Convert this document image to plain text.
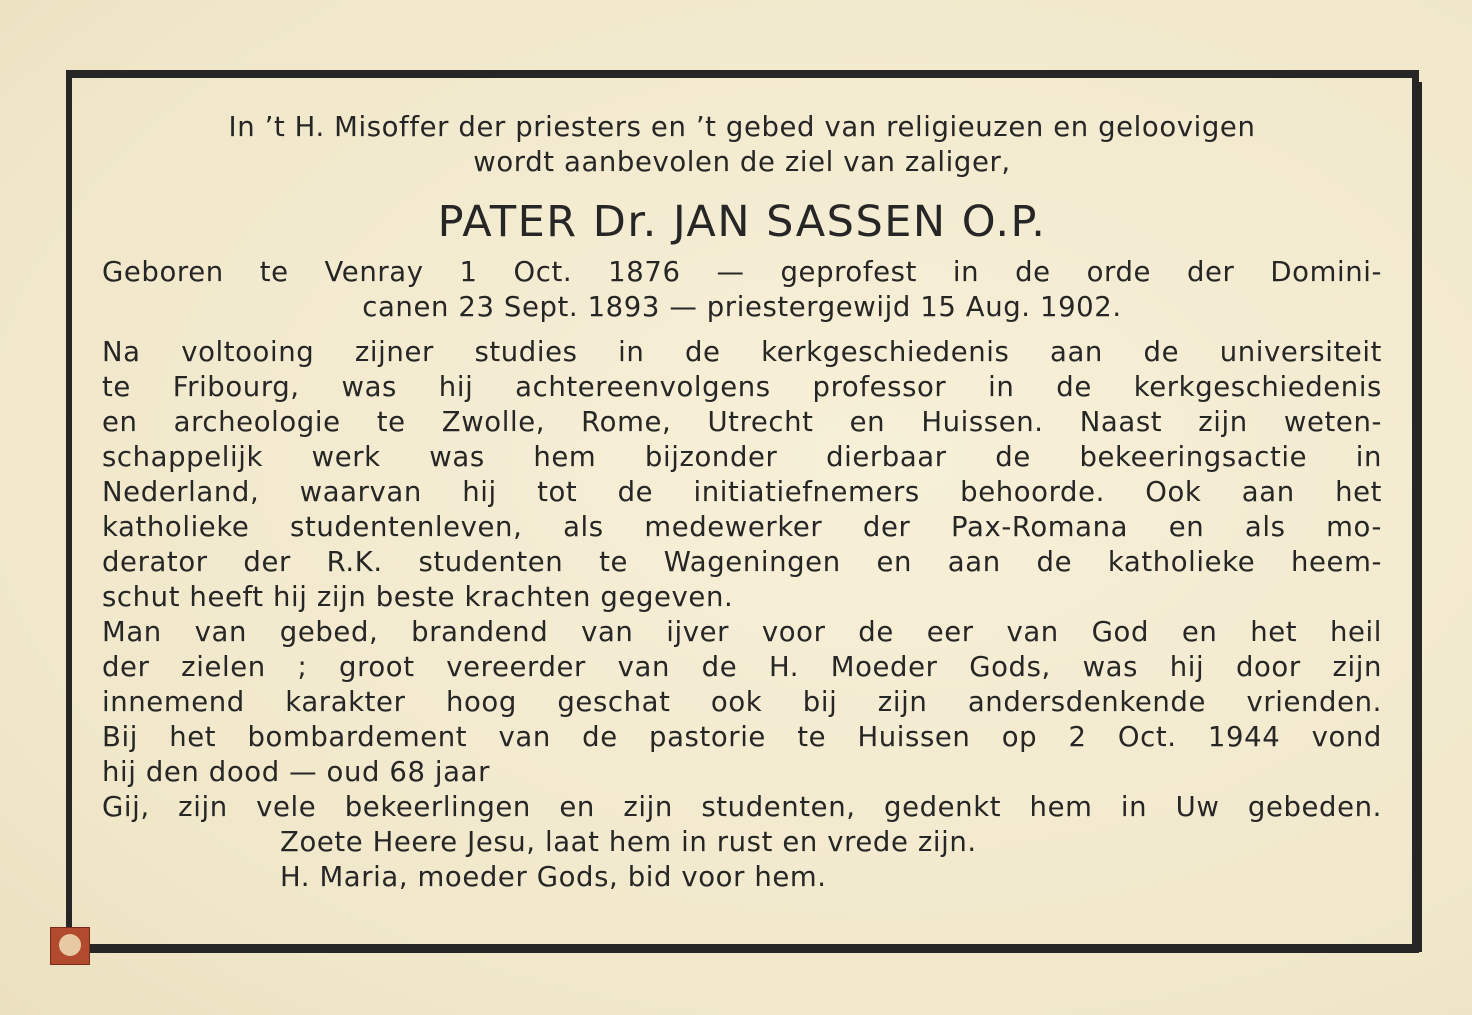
In ’t H. Misoffer der priesters en ’t gebed van religieuzen en geloovigen
wordt aanbevolen de ziel van zaliger,
PATER Dr. JAN SASSEN O.P.
Geboren te Venray 1 Oct. 1876 — geprofest in de orde der Domini-
canen 23 Sept. 1893 — priestergewijd 15 Aug. 1902.
Na voltooing zijner studies in de kerkgeschiedenis aan de universiteit
te Fribourg, was hij achtereenvolgens professor in de kerkgeschiedenis
en archeologie te Zwolle, Rome, Utrecht en Huissen. Naast zijn weten-
schappelijk werk was hem bijzonder dierbaar de bekeeringsactie in
Nederland, waarvan hij tot de initiatiefnemers behoorde. Ook aan het
katholieke studentenleven, als medewerker der Pax-Romana en als mo-
derator der R.K. studenten te Wageningen en aan de katholieke heem-
schut heeft hij zijn beste krachten gegeven.
Man van gebed, brandend van ijver voor de eer van God en het heil
der zielen ; groot vereerder van de H. Moeder Gods, was hij door zijn
innemend karakter hoog geschat ook bij zijn andersdenkende vrienden.
Bij het bombardement van de pastorie te Huissen op 2 Oct. 1944 vond
hij den dood — oud 68 jaar
Gij, zijn vele bekeerlingen en zijn studenten, gedenkt hem in Uw gebeden.
Zoete Heere Jesu, laat hem in rust en vrede zijn.
H. Maria, moeder Gods, bid voor hem.
